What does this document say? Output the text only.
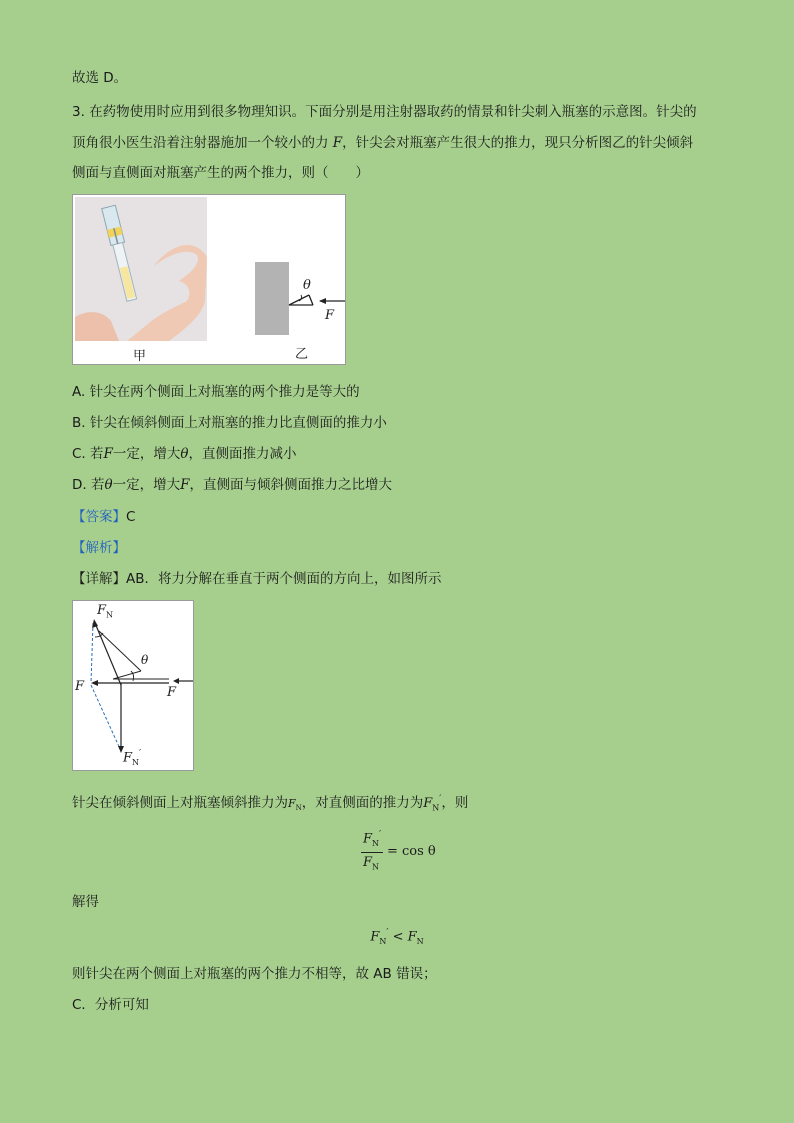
故选 D。
3. 在药物使用时应用到很多物理知识。下面分别是用注射器取药的情景和针尖刺入瓶塞的示意图。针尖的
顶角很小医生沿着注射器施加一个较小的力 F，针尖会对瓶塞产生很大的推力，现只分析图乙的针尖倾斜
侧面与直侧面对瓶塞产生的两个推力，则（　　）
θ
F
甲	乙
A. 针尖在两个侧面上对瓶塞的两个推力是等大的
B. 针尖在倾斜侧面上对瓶塞的推力比直侧面的推力小
C. 若F一定，增大θ，直侧面推力减小
D. 若θ一定，增大F，直侧面与倾斜侧面推力之比增大
【答案】C
【解析】
【详解】AB．将力分解在垂直于两个侧面的方向上，如图所示
$F_N$
θ
F	F
$F_N'$
针尖在倾斜侧面上对瓶塞倾斜推力为$F_N$，对直侧面的推力为$F_N'$，则
$F_N'$
$F_N$
= cos θ
解得
$F_N' < F_N$
则针尖在两个侧面上对瓶塞的两个推力不相等，故 AB 错误；
C．分析可知
